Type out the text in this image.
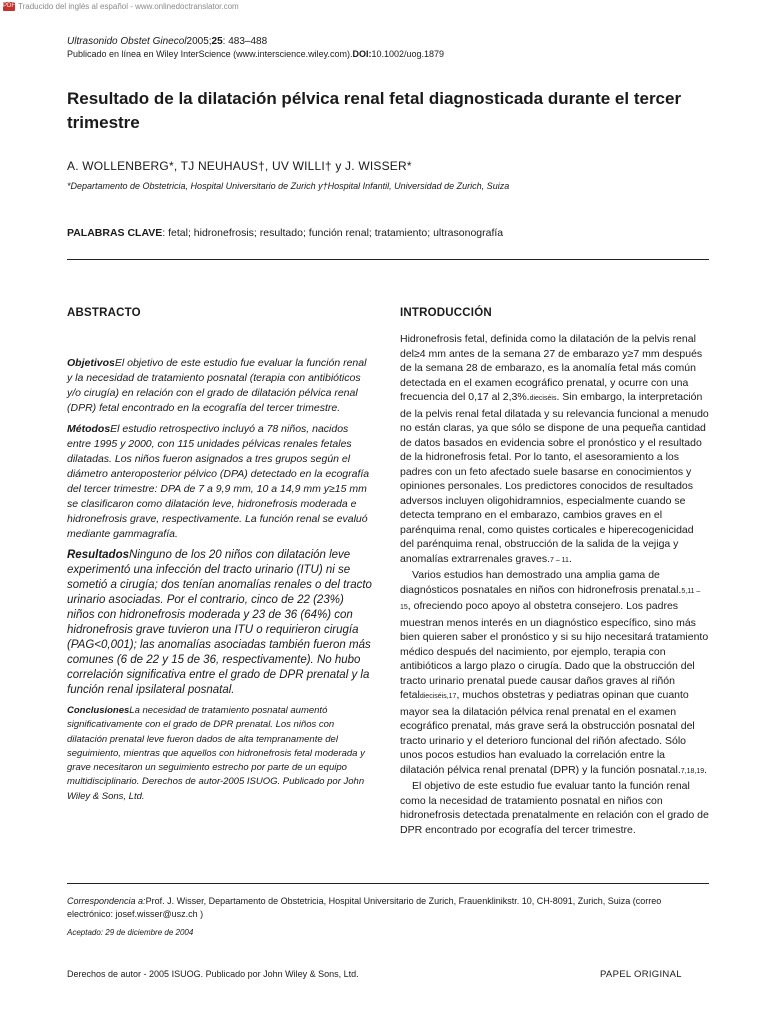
PDF Traducido del inglés al español - www.onlinedoctranslator.com
Ultrasonido Obstet Ginecol2005;25: 483–488
Publicado en línea en Wiley InterScience (www.interscience.wiley.com).DOI:10.1002/uog.1879
Resultado de la dilatación pélvica renal fetal diagnosticada durante el tercer trimestre
A. WOLLENBERG*, TJ NEUHAUS†, UV WILLI† y J. WISSER*
*Departamento de Obstetricia, Hospital Universitario de Zurich y†Hospital Infantil, Universidad de Zurich, Suiza
PALABRAS CLAVE: fetal; hidronefrosis; resultado; función renal; tratamiento; ultrasonografía
ABSTRACTO

ObjetivosEl objetivo de este estudio fue evaluar la función renal y la necesidad de tratamiento posnatal (terapia con antibióticos y/o cirugía) en relación con el grado de dilatación pélvica renal (DPR) fetal encontrado en la ecografía del tercer trimestre.

MétodosEl estudio retrospectivo incluyó a 78 niños, nacidos entre 1995 y 2000, con 115 unidades pélvicas renales fetales dilatadas. Los niños fueron asignados a tres grupos según el diámetro anteroposterior pélvico (DPA) detectado en la ecografía del tercer trimestre: DPA de 7 a 9,9 mm, 10 a 14,9 mm y≥15 mm se clasificaron como dilatación leve, hidronefrosis moderada e hidronefrosis grave, respectivamente. La función renal se evaluó mediante gammagrafía.

ResultadosNinguno de los 20 niños con dilatación leve experimentó una infección del tracto urinario (ITU) ni se sometió a cirugía; dos tenían anomalías renales o del tracto urinario asociadas. Por el contrario, cinco de 22 (23%) niños con hidronefrosis moderada y 23 de 36 (64%) con hidronefrosis grave tuvieron una ITU o requirieron cirugía (PAG<0,001); las anomalías asociadas también fueron más comunes (6 de 22 y 15 de 36, respectivamente). No hubo correlación significativa entre el grado de DPR prenatal y la función renal ipsilateral posnatal.

ConclusionesLa necesidad de tratamiento posnatal aumentó significativamente con el grado de DPR prenatal. Los niños con dilatación prenatal leve fueron dados de alta tempranamente del seguimiento, mientras que aquellos con hidronefrosis fetal moderada y grave necesitaron un seguimiento estrecho por parte de un equipo multidisciplinario. Derechos de autor-2005 ISUOG. Publicado por John Wiley & Sons, Ltd.

INTRODUCCIÓN

Hidronefrosis fetal, definida como la dilatación de la pelvis renal del≥4 mm antes de la semana 27 de embarazo y≥7 mm después de la semana 28 de embarazo, es la anomalía fetal más común detectada en el examen ecográfico prenatal, y ocurre con una frecuencia del 0,17 al 2,3%.dieciséis. Sin embargo, la interpretación de la pelvis renal fetal dilatada y su relevancia funcional a menudo no están claras, ya que sólo se dispone de una pequeña cantidad de datos basados en evidencia sobre el pronóstico y el resultado de la hidronefrosis fetal. Por lo tanto, el asesoramiento a los padres con un feto afectado suele basarse en conocimientos y opiniones personales. Los predictores conocidos de resultados adversos incluyen oligohidramnios, especialmente cuando se detecta temprano en el embarazo, cambios graves en el parénquima renal, como quistes corticales e hiperecogenicidad del parénquima renal, obstrucción de la salida de la vejiga y anomalías extrarrenales graves.7 – 11.

Varios estudios han demostrado una amplia gama de diagnósticos posnatales en niños con hidronefrosis prenatal.5,11 – 15, ofreciendo poco apoyo al obstetra consejero. Los padres muestran menos interés en un diagnóstico específico, sino más bien quieren saber el pronóstico y si su hijo necesitará tratamiento médico después del nacimiento, por ejemplo, terapia con antibióticos a largo plazo o cirugía. Dado que la obstrucción del tracto urinario prenatal puede causar daños graves al riñón fetaldieciséis,17, muchos obstetras y pediatras opinan que cuanto mayor sea la dilatación pélvica renal prenatal en el examen ecográfico prenatal, más grave será la obstrucción posnatal del tracto urinario y el deterioro funcional del riñón afectado. Sólo unos pocos estudios han evaluado la correlación entre la dilatación pélvica renal prenatal (DPR) y la función posnatal.7,18,19.

El objetivo de este estudio fue evaluar tanto la función renal como la necesidad de tratamiento posnatal en niños con hidronefrosis detectada prenatalmente en relación con el grado de DPR encontrado por ecografía del tercer trimestre.

Correspondencia a:Prof. J. Wisser, Departamento de Obstetricia, Hospital Universitario de Zurich, Frauenklinikstr. 10, CH-8091, Zurich, Suiza (correo electrónico: josef.wisser@usz.ch )
Aceptado: 29 de diciembre de 2004
Derechos de autor - 2005 ISUOG. Publicado por John Wiley & Sons, Ltd.	PAPEL ORIGINAL
